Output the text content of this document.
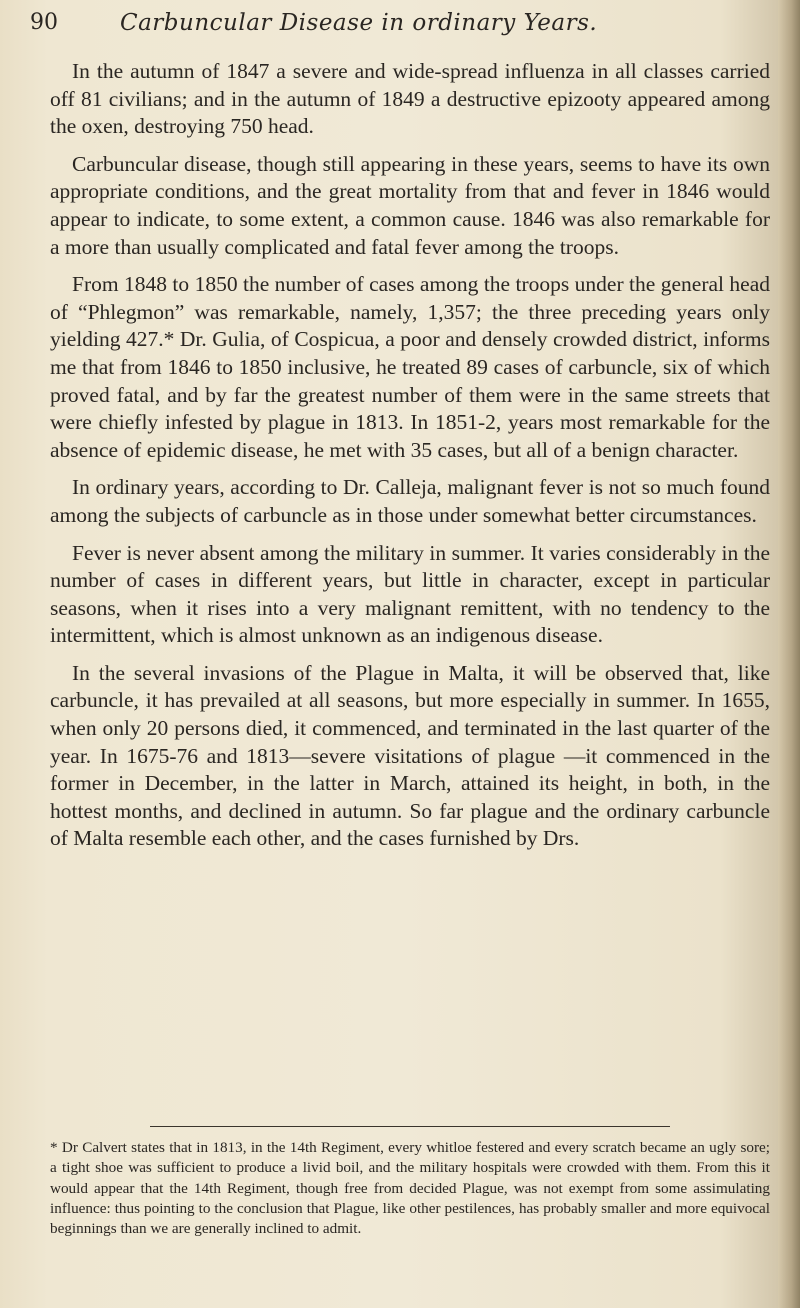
90	Carbuncular Disease in ordinary Years.

In the autumn of 1847 a severe and wide-spread influenza in all classes carried off 81 civilians; and in the autumn of 1849 a destructive epizooty appeared among the oxen, destroying 750 head.

Carbuncular disease, though still appearing in these years, seems to have its own appropriate conditions, and the great mortality from that and fever in 1846 would appear to indicate, to some extent, a common cause. 1846 was also remarkable for a more than usually complicated and fatal fever among the troops.

From 1848 to 1850 the number of cases among the troops under the general head of “Phlegmon” was remarkable, namely, 1,357; the three preceding years only yielding 427.* Dr. Gulia, of Cospicua, a poor and densely crowded district, informs me that from 1846 to 1850 inclusive, he treated 89 cases of carbuncle, six of which proved fatal, and by far the greatest number of them were in the same streets that were chiefly infested by plague in 1813. In 1851-2, years most remarkable for the absence of epidemic disease, he met with 35 cases, but all of a benign character.

In ordinary years, according to Dr. Calleja, malignant fever is not so much found among the subjects of carbuncle as in those under somewhat better circumstances.

Fever is never absent among the military in summer. It varies considerably in the number of cases in different years, but little in character, except in particular seasons, when it rises into a very malignant remittent, with no tendency to the intermittent, which is almost unknown as an indigenous disease.

In the several invasions of the Plague in Malta, it will be observed that, like carbuncle, it has prevailed at all seasons, but more especially in summer. In 1655, when only 20 persons died, it commenced, and terminated in the last quarter of the year. In 1675-76 and 1813—severe visitations of plague —it commenced in the former in December, in the latter in March, attained its height, in both, in the hottest months, and declined in autumn. So far plague and the ordinary carbuncle of Malta resemble each other, and the cases furnished by Drs.

* Dr Calvert states that in 1813, in the 14th Regiment, every whitloe festered and every scratch became an ugly sore; a tight shoe was sufficient to produce a livid boil, and the military hospitals were crowded with them. From this it would appear that the 14th Regiment, though free from decided Plague, was not exempt from some assimulating influence: thus pointing to the conclusion that Plague, like other pestilences, has probably smaller and more equivocal beginnings than we are generally inclined to admit.
